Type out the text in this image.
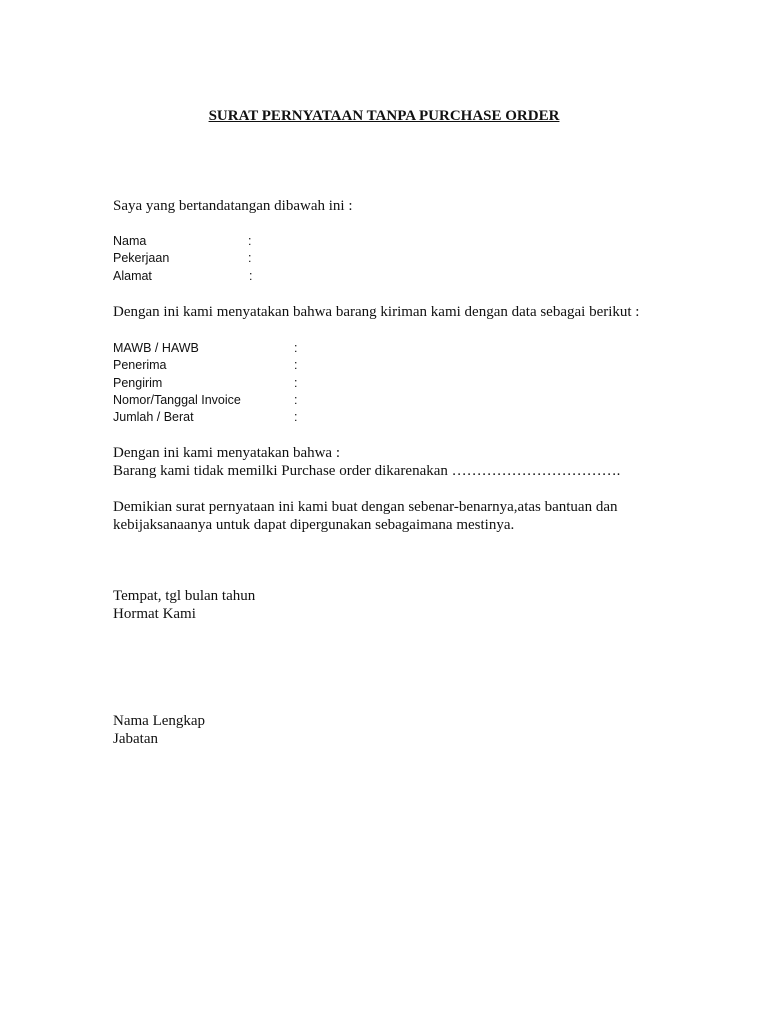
SURAT PERNYATAAN TANPA PURCHASE ORDER
Saya yang bertandatangan dibawah ini :
Nama	:
Pekerjaan	:
Alamat	:
Dengan ini kami menyatakan bahwa barang kiriman kami dengan data sebagai berikut :
MAWB / HAWB	:
Penerima	:
Pengirim	:
Nomor/Tanggal Invoice	:
Jumlah / Berat	:
Dengan ini kami menyatakan bahwa :
Barang kami tidak memilki Purchase order dikarenakan …………………………….
Demikian surat pernyataan ini kami buat dengan sebenar-benarnya,atas bantuan dan
kebijaksanaanya untuk dapat dipergunakan sebagaimana mestinya.
Tempat, tgl bulan tahun
Hormat Kami
Nama Lengkap
Jabatan
